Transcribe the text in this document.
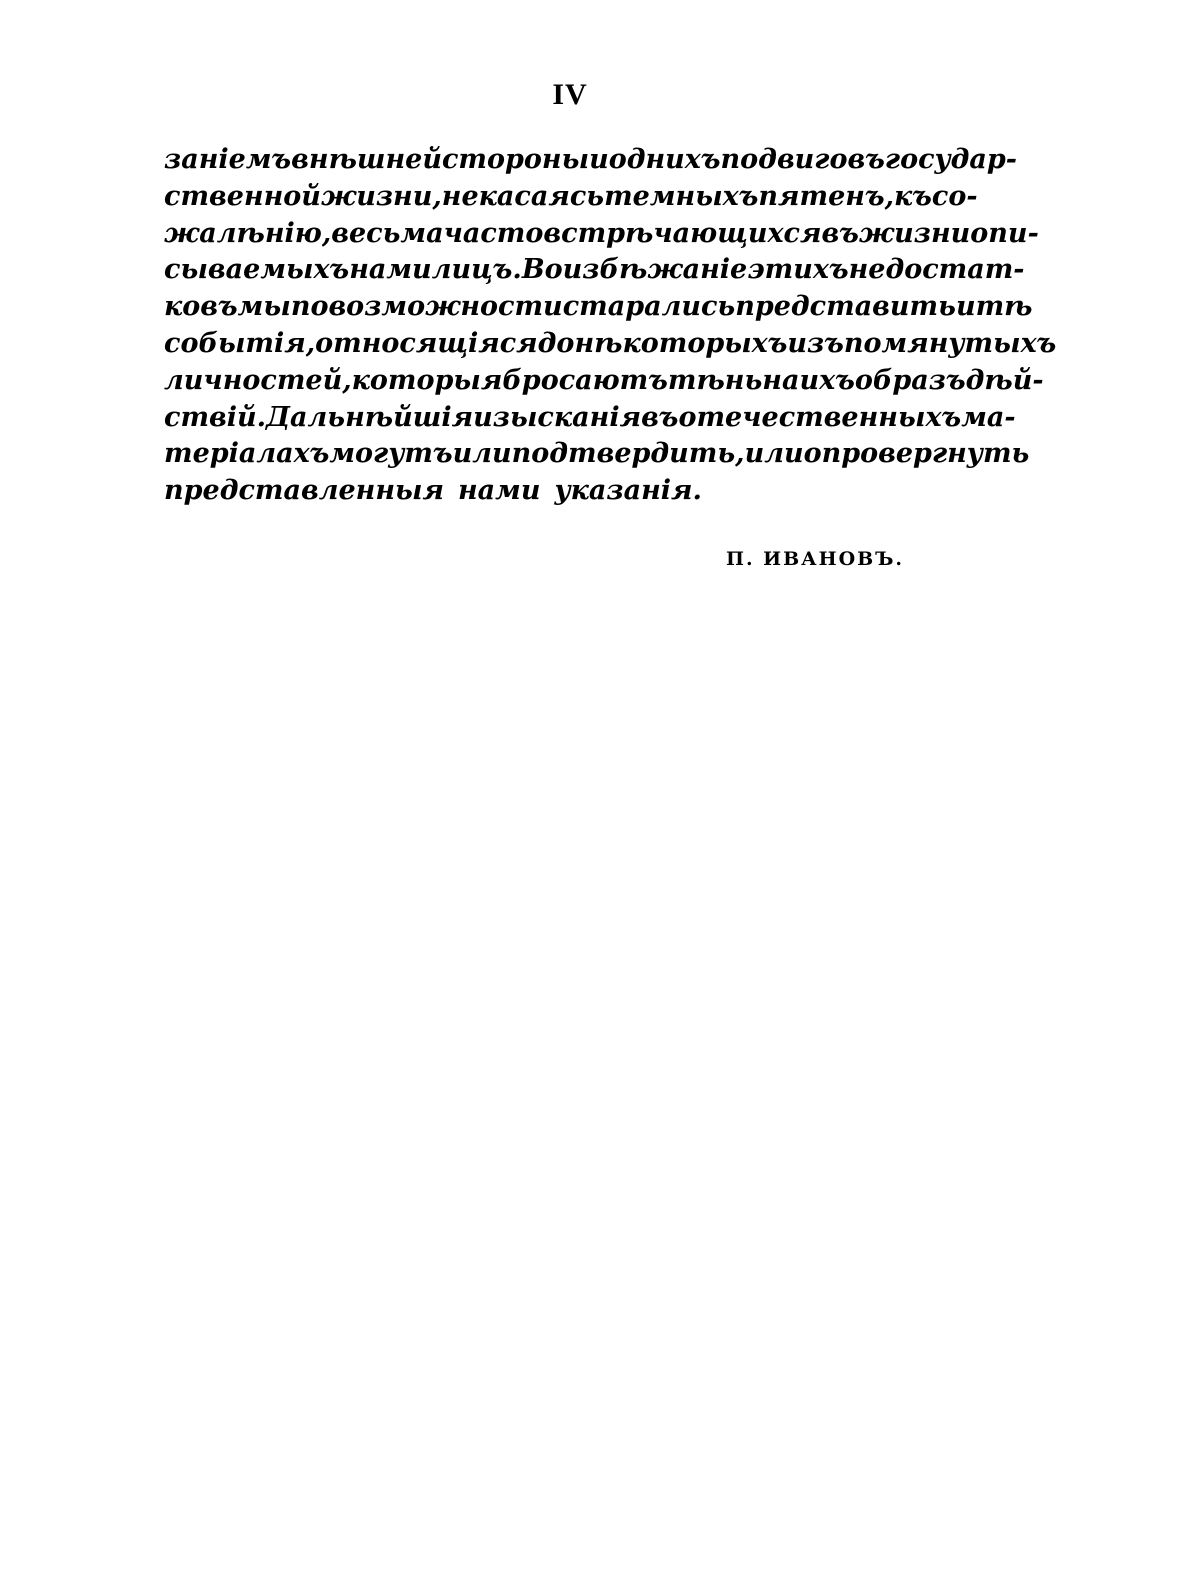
IV
заніемъ внѣшней стороны и однихъ подвиговъ государ-
ственной жизни, не касаясь темныхъ пятенъ, къ со-
жалѣнію, весьма часто встрѣчающихся въ жизни опи-
сываемыхъ нами лицъ. Во избѣжаніе этихъ недостат-
ковъ мы по возможности старались представить и тѣ
событія, относящіяся до нѣкоторыхъ изъ помянутыхъ
личностей, которыя бросаютъ тѣнь на ихъ образъ дѣй-
ствій. Дальнѣйшія изысканія въ отечественныхъ ма-
теріалахъ могутъ или подтвердить, или опровергнуть
представленныя нами указанія.
П. ИВАНОВЪ.
